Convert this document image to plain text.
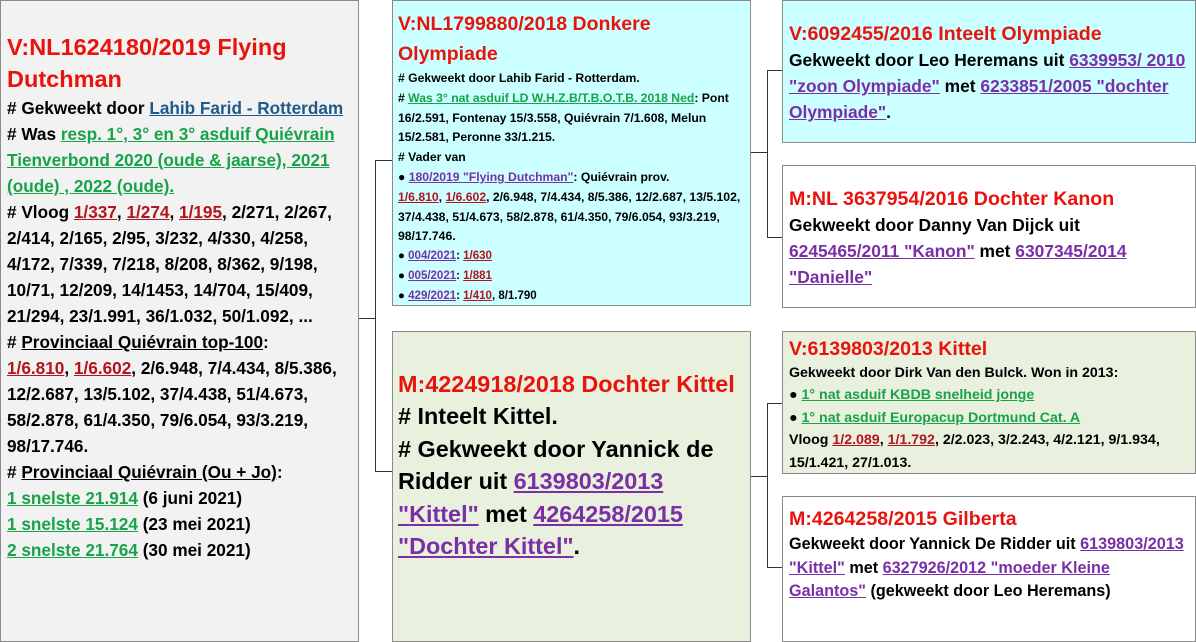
V:NL1624180/2019 Flying Dutchman

# Gekweekt door Lahib Farid - Rotterdam

# Was resp. 1°, 3° en 3° asduif Quiévrain Tienverbond 2020 (oude & jaarse), 2021 (oude) , 2022 (oude).

# Vloog 1/337, 1/274, 1/195, 2/271, 2/267, 2/414, 2/165, 2/95, 3/232, 4/330, 4/258, 4/172, 7/339, 7/218, 8/208, 8/362, 9/198, 10/71, 12/209, 14/1453, 14/704, 15/409, 21/294, 23/1.991, 36/1.032, 50/1.092, ...

# Provinciaal Quiévrain top-100:
1/6.810, 1/6.602, 2/6.948, 7/4.434, 8/5.386, 12/2.687, 13/5.102, 37/4.438, 51/4.673, 58/2.878, 61/4.350, 79/6.054, 93/3.219, 98/17.746.

# Provinciaal Quiévrain (Ou + Jo):

1 snelste 21.914 (6 juni 2021)

1 snelste 15.124 (23 mei 2021)

2 snelste 21.764 (30 mei 2021)

V:NL1799880/2018 Donkere Olympiade

# Gekweekt door Lahib Farid - Rotterdam.

# Was 3° nat asduif LD W.H.Z.B/T.B.O.T.B. 2018 Ned: Pont 16/2.591, Fontenay 15/3.558, Quiévrain 7/1.608, Melun 15/2.581, Peronne 33/1.215.

# Vader van

● 180/2019 "Flying Dutchman": Quiévrain prov.
1/6.810, 1/6.602, 2/6.948, 7/4.434, 8/5.386, 12/2.687, 13/5.102, 37/4.438, 51/4.673, 58/2.878, 61/4.350, 79/6.054, 93/3.219, 98/17.746.

● 004/2021: 1/630

● 005/2021: 1/881

● 429/2021: 1/410, 8/1.790

M:4224918/2018 Dochter Kittel

# Inteelt Kittel.

# Gekweekt door Yannick de Ridder uit 6139803/2013 "Kittel" met 4264258/2015 "Dochter Kittel".

V:6092455/2016 Inteelt Olympiade

Gekweekt door Leo Heremans uit 6339953/ 2010 "zoon Olympiade" met 6233851/2005 "dochter Olympiade".

M:NL 3637954/2016 Dochter Kanon

Gekweekt door Danny Van Dijck uit 6245465/2011 "Kanon" met 6307345/2014 "Danielle"

V:6139803/2013 Kittel

Gekweekt door Dirk Van den Bulck. Won in 2013:

● 1° nat asduif KBDB snelheid jonge

● 1° nat asduif Europacup Dortmund Cat. A

Vloog 1/2.089, 1/1.792, 2/2.023, 3/2.243, 4/2.121, 9/1.934, 15/1.421, 27/1.013.

M:4264258/2015 Gilberta

Gekweekt door Yannick De Ridder uit 6139803/2013 "Kittel" met 6327926/2012 "moeder Kleine Galantos" (gekweekt door Leo Heremans)
